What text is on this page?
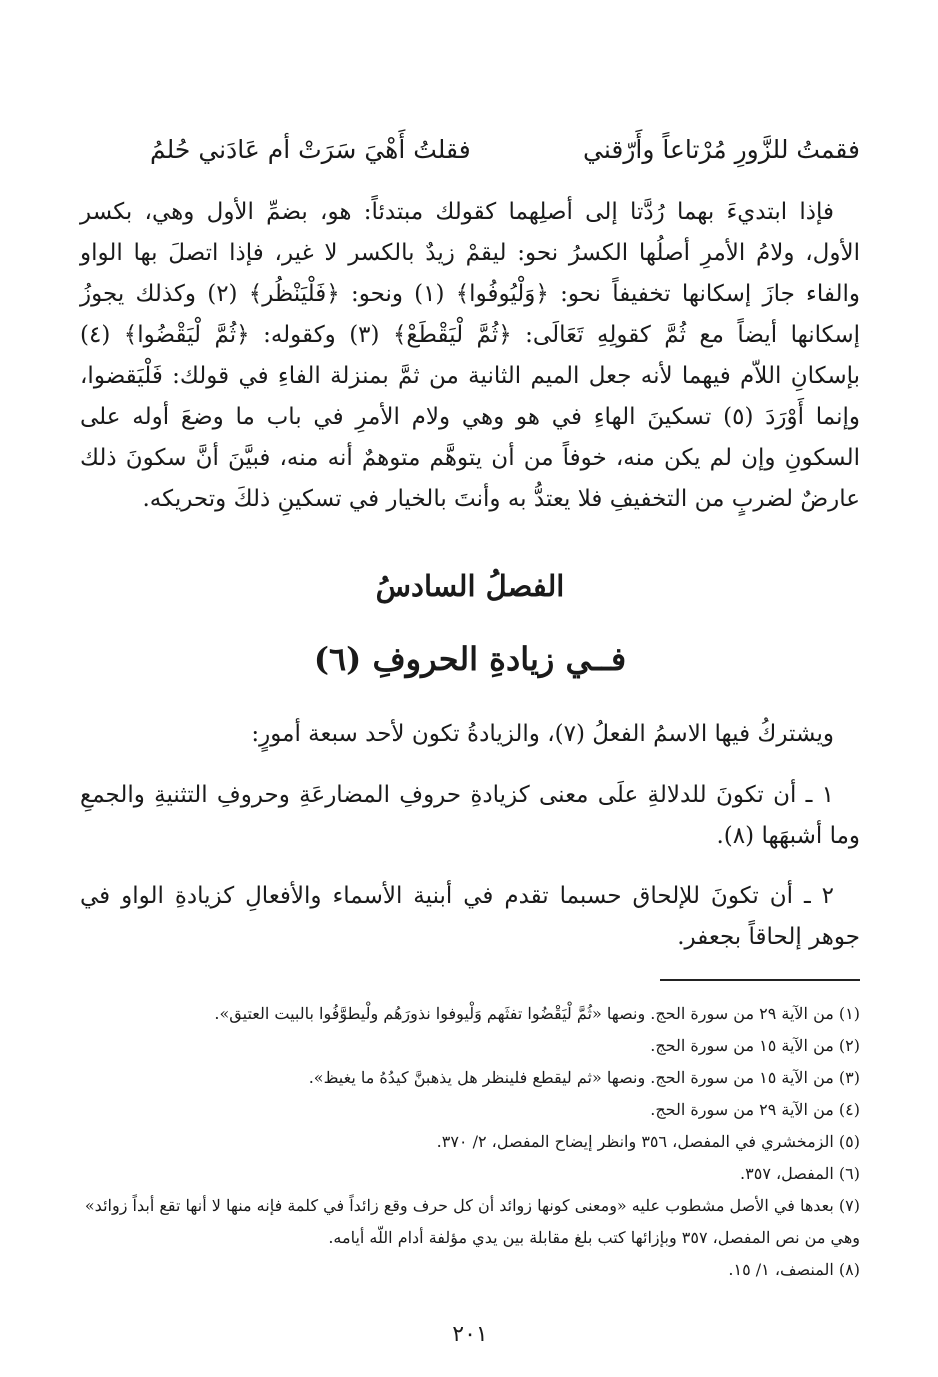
فقمتُ للزَّورِ مُرْتاعاً وأَرّقني
فقلتُ أَهْيَ سَرَتْ أم عَادَني حُلمُ

فإذا ابتديءَ بهما رُدَّتا إلى أصلِهما كقولك مبتدئاً: هو، بضمِّ الأول وهي، بكسر الأول، ولامُ الأمرِ أصلُها الكسرُ نحو: ليقمْ زيدٌ بالكسر لا غير، فإذا اتصلَ بها الواو والفاء جازَ إسكانها تخفيفاً نحو: ﴿وَلْيُوفُوا﴾ (١) ونحو: ﴿فَلْيَنْظُر﴾ (٢) وكذلك يجوزُ إسكانها أيضاً مع ثُمَّ كقولِهِ تَعَالَى: ﴿ثُمَّ لْيَقْطَعْ﴾ (٣) وكقوله: ﴿ثُمَّ لْيَقْضُوا﴾ (٤) بإسكانِ اللاّم فيهما لأنه جعل الميم الثانية من ثمَّ بمنزلة الفاءِ في قولك: فَلْيَقضوا، وإنما أَوْرَدَ (٥) تسكينَ الهاءِ في هو وهي ولام الأمرِ في باب ما وضعَ أوله على السكونِ وإن لم يكن منه، خوفاً من أن يتوهَّم متوهمٌ أنه منه، فبيَّنَ أنَّ سكونَ ذلك عارضٌ لضربٍ من التخفيفِ فلا يعتدُّ به وأنتَ بالخيار في تسكينِ ذلكَ وتحريكه.

الفصلُ السادسُ
فــي زيادةِ الحروفِ (٦)

ويشتركُ فيها الاسمُ الفعلُ (٧)، والزيادةُ تكون لأحد سبعة أمورٍ:

١ ـ أن تكونَ للدلالةِ علَى معنى كزيادةِ حروفِ المضارعَةِ وحروفِ التثنيةِ والجمعِ وما أشبهَها (٨).

٢ ـ أن تكونَ للإلحاق حسبما تقدم في أبنية الأسماء والأفعالِ كزيادةِ الواو في جوهر إلحاقاً بجعفر.

(١) من الآية ٢٩ من سورة الحج. ونصها «ثُمَّ لْيَقْضُوا تفثَهم وَلْيوفوا نذورَهُم ولْيطوَّفُوا بالبيت العتيق».
(٢) من الآية ١٥ من سورة الحج.
(٣) من الآية ١٥ من سورة الحج. ونصها «ثم ليقطع فلينظر هل يذهبنَّ كيدُهُ ما يغيظ».
(٤) من الآية ٢٩ من سورة الحج.
(٥) الزمخشري في المفصل، ٣٥٦ وانظر إيضاح المفصل، ٢/ ٣٧٠.
(٦) المفصل، ٣٥٧.
(٧) بعدها في الأصل مشطوب عليه «ومعنى كونها زوائد أن كل حرف وقع زائداً في كلمة فإنه منها لا أنها تقع أبداً زوائد» وهي من نص المفصل، ٣٥٧ وبإزائها كتب بلغ مقابلة بين يدي مؤلفة أدام اللّه أيامه.
(٨) المنصف، ١/ ١٥.
٢٠١
